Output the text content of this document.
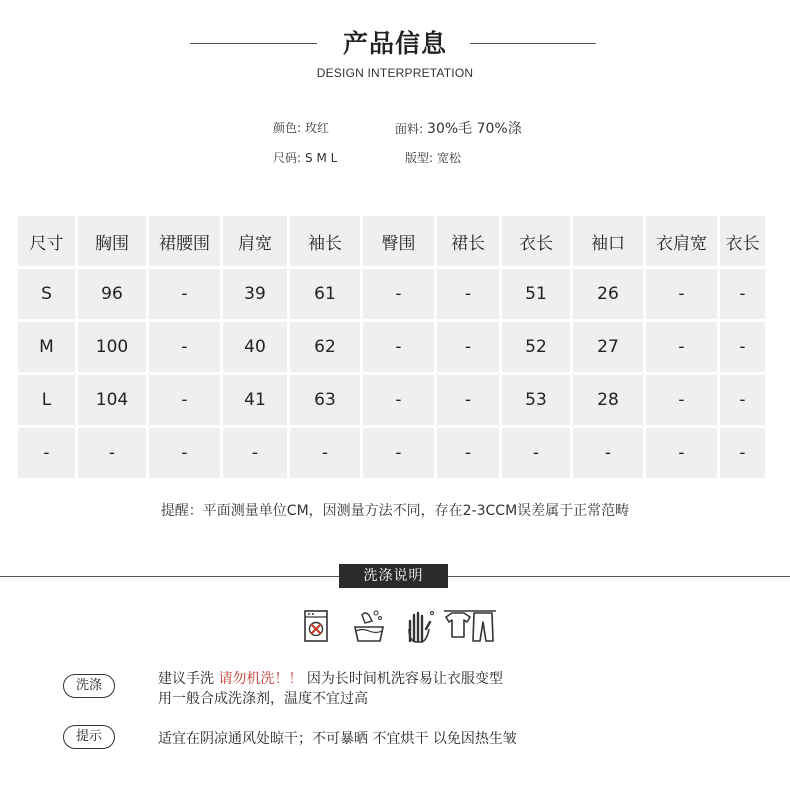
产品信息
DESIGN INTERPRETATION
颜色: 玫红	面料: 30%毛 70%涤
尺码: S M L	版型: 宽松
尺寸	胸围	裙腰围	肩宽	袖长	臀围	裙长	衣长	袖口	衣肩宽	衣长
S	96	-	39	61	-	-	51	26	-	-
M	100	-	40	62	-	-	52	27	-	-
L	104	-	41	63	-	-	53	28	-	-
-	-	-	-	-	-	-	-	-	-	-
提醒：平面测量单位CM，因测量方法不同，存在2-3CCM误差属于正常范畴
洗涤说明
洗涤	建议手洗 请勿机洗！！ 因为长时间机洗容易让衣服变型
用一般合成洗涤剂，温度不宜过高
提示	适宜在阴凉通风处晾干；不可暴晒 不宜烘干 以免因热生皱
